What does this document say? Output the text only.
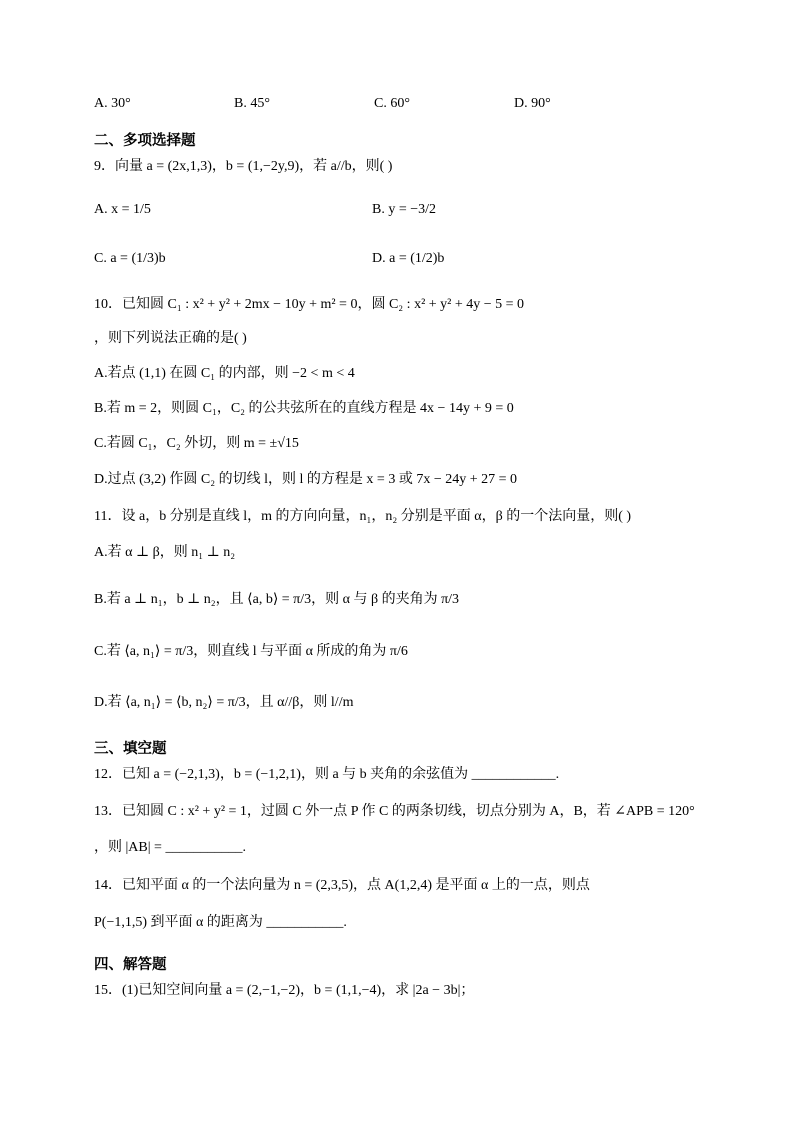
A. 30°	B. 45°	C. 60°	D. 90°
二、多项选择题
9．向量 a = (2x,1,3)，b = (1,−2y,9)，若 a//b，则( )
A. x = 1/5	B. y = −3/2
C. a = (1/3)b	D. a = (1/2)b
10．已知圆 C₁ : x² + y² + 2mx − 10y + m² = 0，圆 C₂ : x² + y² + 4y − 5 = 0
，则下列说法正确的是( )
A.若点 (1,1) 在圆 C₁ 的内部，则 −2 < m < 4
B.若 m = 2，则圆 C₁，C₂ 的公共弦所在的直线方程是 4x − 14y + 9 = 0
C.若圆 C₁，C₂ 外切，则 m = ±√15
D.过点 (3,2) 作圆 C₂ 的切线 l，则 l 的方程是 x = 3 或 7x − 24y + 27 = 0
11．设 a，b 分别是直线 l，m 的方向向量，n₁，n₂ 分别是平面 α，β 的一个法向量，则( )
A.若 α ⊥ β，则 n₁ ⊥ n₂
B.若 a ⊥ n₁，b ⊥ n₂，且 ⟨a, b⟩ = π/3，则 α 与 β 的夹角为 π/3
C.若 ⟨a, n₁⟩ = π/3，则直线 l 与平面 α 所成的角为 π/6
D.若 ⟨a, n₁⟩ = ⟨b, n₂⟩ = π/3，且 α//β，则 l//m
三、填空题
12．已知 a = (−2,1,3)，b = (−1,2,1)，则 a 与 b 夹角的余弦值为 ____________.
13．已知圆 C : x² + y² = 1，过圆 C 外一点 P 作 C 的两条切线，切点分别为 A，B，若 ∠APB = 120°
，则 |AB| = ___________.
14．已知平面 α 的一个法向量为 n = (2,3,5)，点 A(1,2,4) 是平面 α 上的一点，则点
P(−1,1,5) 到平面 α 的距离为 ___________.
四、解答题
15．(1)已知空间向量 a = (2,−1,−2)，b = (1,1,−4)，求 |2a − 3b|；
